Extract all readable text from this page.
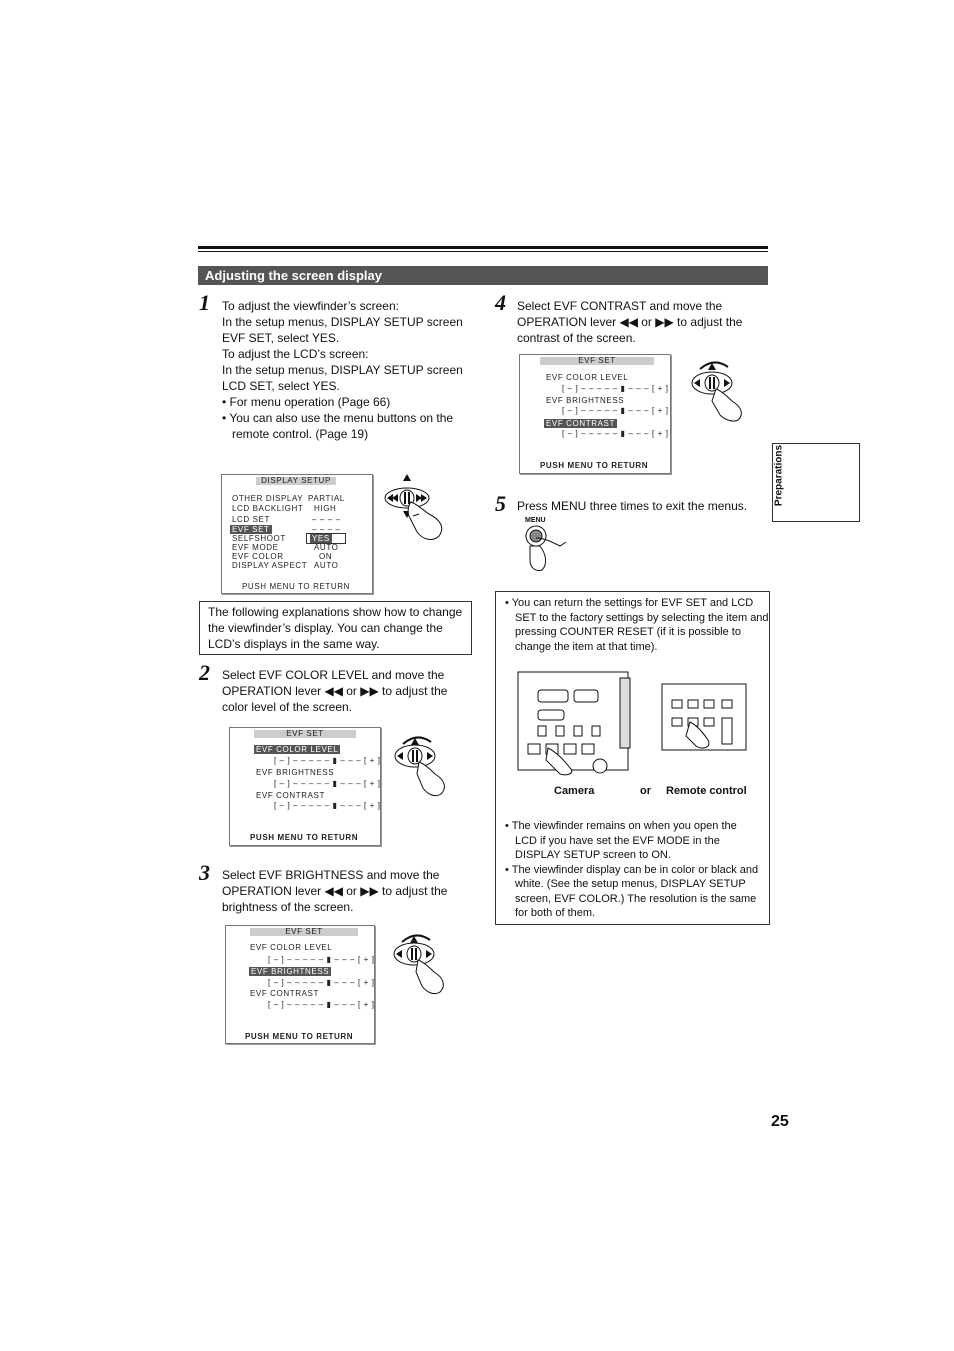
Adjusting the screen display
1 To adjust the viewfinder’s screen:

In the setup menus, DISPLAY SETUP screen

EVF SET, select YES.

To adjust the LCD’s screen:

In the setup menus, DISPLAY SETUP screen

LCD SET, select YES.

• For menu operation (Page 66)

• You can also use the menu buttons on the remote control. (Page 19)

DISPLAY SETUP
OTHER DISPLAY PARTIAL
LCD BACKLIGHT HIGH
LCD SET	– – – –
EVF SET	– – – –
SELFSHOOT	YES
EVF MODE	AUTO
EVF COLOR	ON
DISPLAY ASPECT AUTO
PUSH MENU TO RETURN
The following explanations show how to change the viewfinder’s display. You can change the LCD’s displays in the same way.
2 Select EVF COLOR LEVEL and move the OPERATION lever ◀◀ or ▶▶ to adjust the color level of the screen.
EVF SET
EVF COLOR LEVEL
[ – ] – – – – – ▮ – – – [ + ]
EVF BRIGHTNESS
[ – ] – – – – – ▮ – – – [ + ]
EVF CONTRAST
[ – ] – – – – – ▮ – – – [ + ]
PUSH MENU TO RETURN
3 Select EVF BRIGHTNESS and move the OPERATION lever ◀◀ or ▶▶ to adjust the brightness of the screen.
EVF SET
EVF COLOR LEVEL
[ – ] – – – – – ▮ – – – [ + ]
EVF BRIGHTNESS
[ – ] – – – – – ▮ – – – [ + ]
EVF CONTRAST
[ – ] – – – – – ▮ – – – [ + ]
PUSH MENU TO RETURN
4 Select EVF CONTRAST and move the OPERATION lever ◀◀ or ▶▶ to adjust the contrast of the screen.
EVF SET
EVF COLOR LEVEL
[ – ] – – – – – ▮ – – – [ + ]
EVF BRIGHTNESS
[ – ] – – – – – ▮ – – – [ + ]
EVF CONTRAST
[ – ] – – – – – ▮ – – – [ + ]
PUSH MENU TO RETURN
5 Press MENU three times to exit the menus.
MENU
• You can return the settings for EVF SET and LCD SET to the factory settings by selecting the item and pressing COUNTER RESET (if it is possible to change the item at that time).
Camera	or Remote control

• The viewfinder remains on when you open the LCD if you have set the EVF MODE in the DISPLAY SETUP screen to ON.

• The viewfinder display can be in color or black and white. (See the setup menus, DISPLAY SETUP screen, EVF COLOR.) The resolution is the same for both of them.

Preparations
25
